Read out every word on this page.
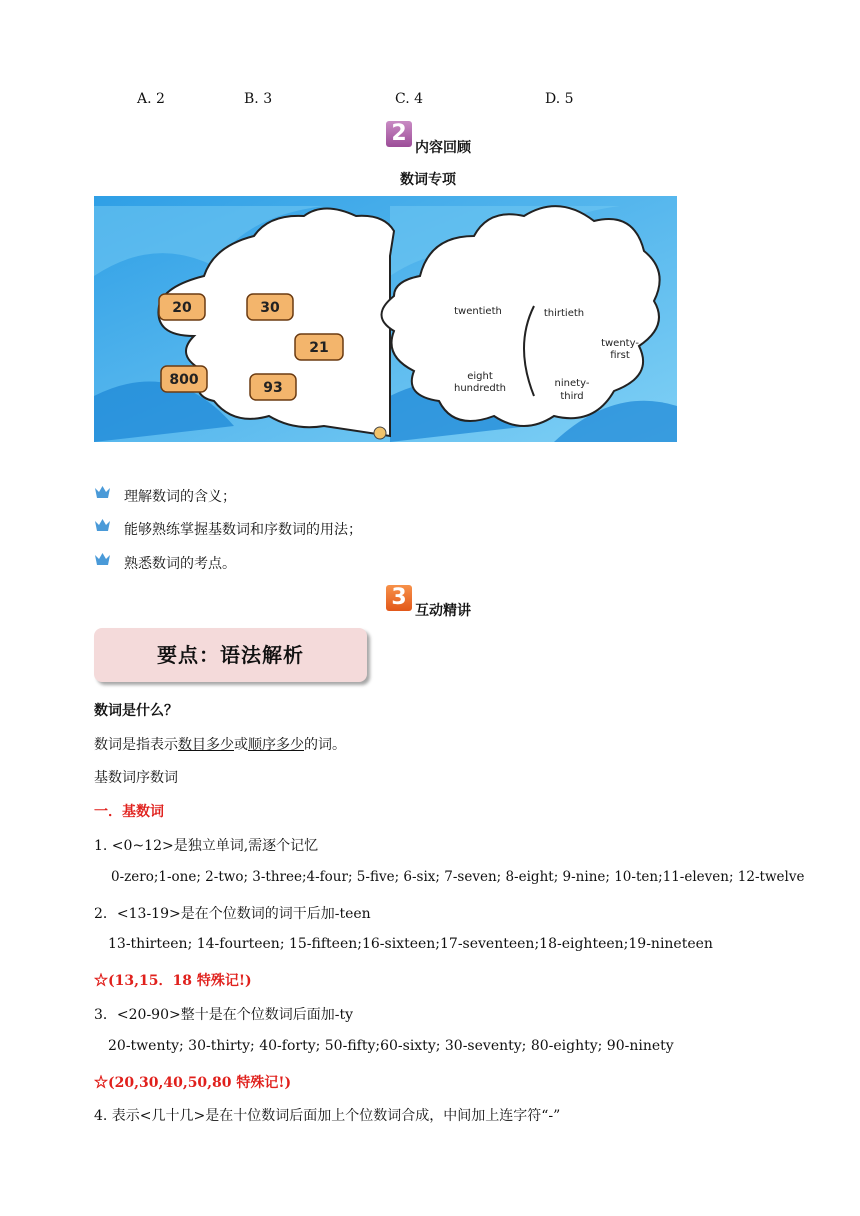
A. 2	B. 3	C. 4	D. 5
2
内容回顾
数词专项
20	30
21
800	93
twentieth	thirtieth
twenty-
first
eight
hundredth	ninety-
third
理解数词的含义；
能够熟练掌握基数词和序数词的用法；
熟悉数词的考点。
3
互动精讲
要点：语法解析
数词是什么？
数词是指表示数目多少或顺序多少的词。
基数词序数词
一．基数词
1. <0~12>是独立单词,需逐个记忆
0-zero;1-one; 2-two; 3-three;4-four; 5-five; 6-six; 7-seven; 8-eight; 9-nine; 10-ten;11-eleven; 12-twelve
2．<13-19>是在个位数词的词干后加-teen
13-thirteen; 14-fourteen; 15-fifteen;16-sixteen;17-seventeen;18-eighteen;19-nineteen
☆(13,15．18 特殊记!)
3．<20-90>整十是在个位数词后面加-ty
20-twenty; 30-thirty; 40-forty; 50-fifty;60-sixty; 30-seventy; 80-eighty; 90-ninety
☆(20,30,40,50,80 特殊记!)
4. 表示<几十几>是在十位数词后面加上个位数词合成，中间加上连字符“-”
